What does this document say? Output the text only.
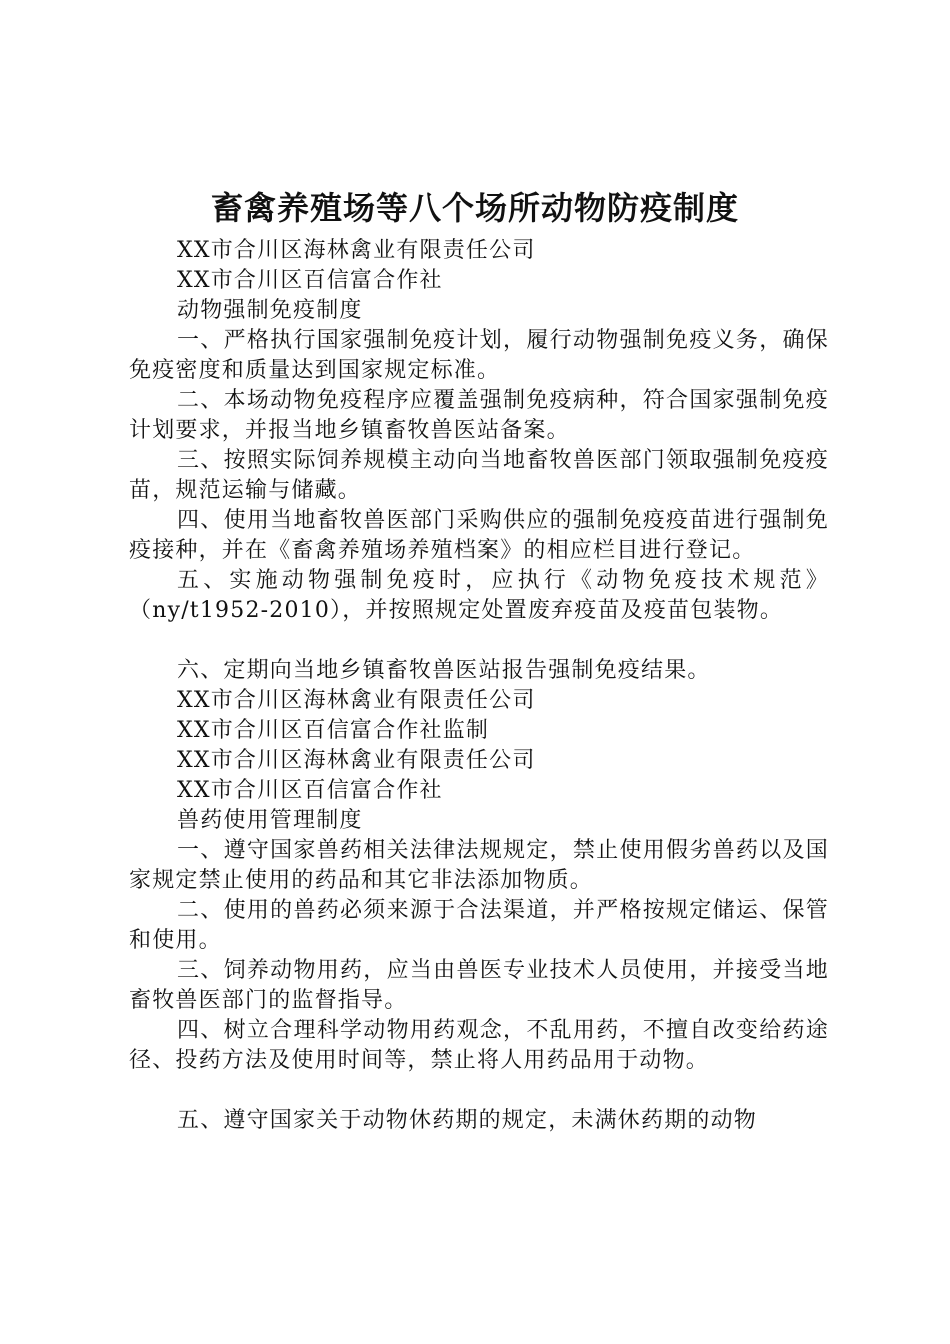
畜禽养殖场等八个场所动物防疫制度

XX市合川区海林禽业有限责任公司

XX市合川区百信富合作社

动物强制免疫制度

一、严格执行国家强制免疫计划，履行动物强制免疫义务，确保免疫密度和质量达到国家规定标准。

二、本场动物免疫程序应覆盖强制免疫病种，符合国家强制免疫计划要求，并报当地乡镇畜牧兽医站备案。

三、按照实际饲养规模主动向当地畜牧兽医部门领取强制免疫疫苗，规范运输与储藏。

四、使用当地畜牧兽医部门采购供应的强制免疫疫苗进行强制免疫接种，并在《畜禽养殖场养殖档案》的相应栏目进行登记。

五、实施动物强制免疫时，应执行《动物免疫技术规范》（ny/t1952-2010），并按照规定处置废弃疫苗及疫苗包装物。

六、定期向当地乡镇畜牧兽医站报告强制免疫结果。

XX市合川区海林禽业有限责任公司

XX市合川区百信富合作社监制

XX市合川区海林禽业有限责任公司

XX市合川区百信富合作社

兽药使用管理制度

一、遵守国家兽药相关法律法规规定，禁止使用假劣兽药以及国家规定禁止使用的药品和其它非法添加物质。

二、使用的兽药必须来源于合法渠道，并严格按规定储运、保管和使用。

三、饲养动物用药，应当由兽医专业技术人员使用，并接受当地畜牧兽医部门的监督指导。

四、树立合理科学动物用药观念，不乱用药，不擅自改变给药途径、投药方法及使用时间等，禁止将人用药品用于动物。

五、遵守国家关于动物休药期的规定，未满休药期的动物
